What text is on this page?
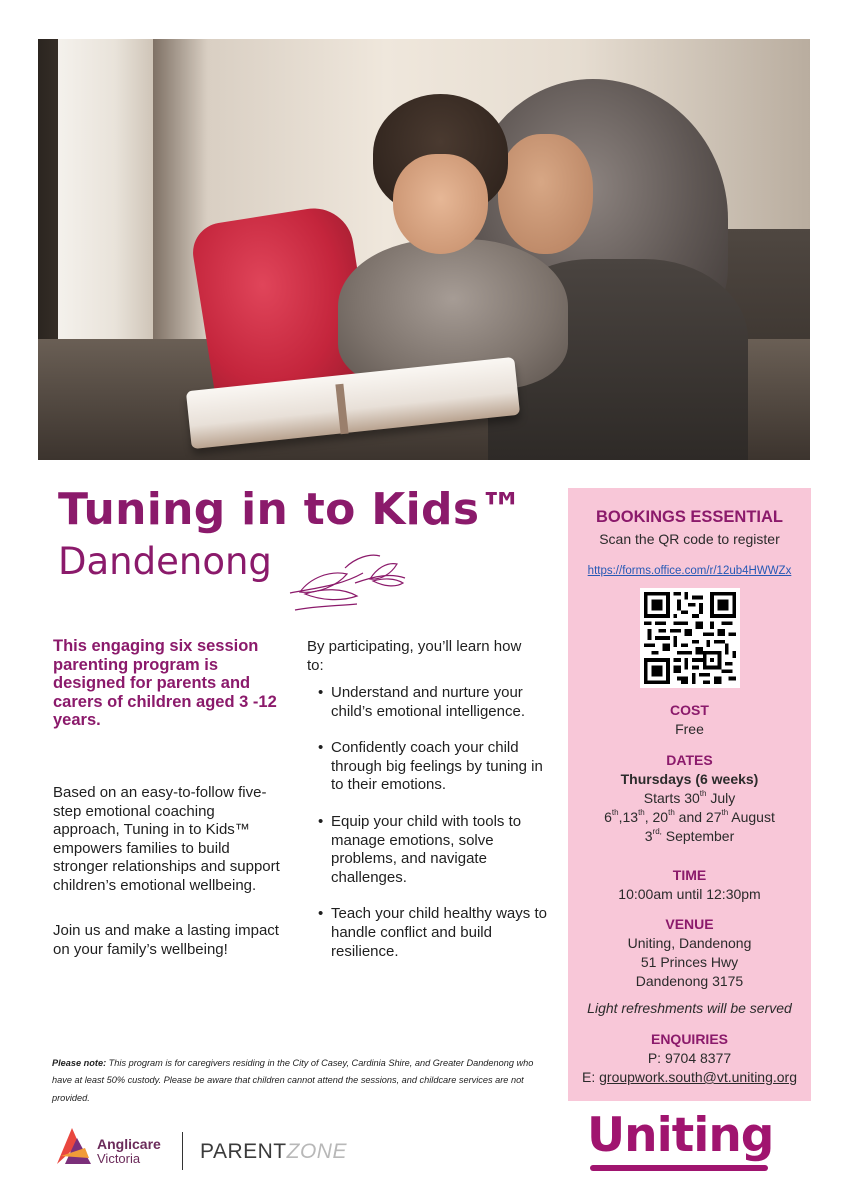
Tuning in to Kids™
Dandenong
This engaging six session parenting program is designed for parents and carers of children aged 3 -12 years.
Based on an easy-to-follow five-step emotional coaching approach, Tuning in to Kids™ empowers families to build stronger relationships and support children’s emotional wellbeing.
Join us and make a lasting impact on your family’s wellbeing!
By participating, you’ll learn how to:
• Understand and nurture your child’s emotional intelligence.
• Confidently coach your child through big feelings by tuning in to their emotions.
• Equip your child with tools to manage emotions, solve problems, and navigate challenges.
• Teach your child healthy ways to handle conflict and build resilience.
BOOKINGS ESSENTIAL
Scan the QR code to register
https://forms.office.com/r/12ub4HWWZx
COST
Free
DATES
Thursdays (6 weeks)
Starts 30th July
6th,13th, 20th and 27th August
$3^{rd,}$ September
TIME
10:00am until 12:30pm
VENUE
Uniting, Dandenong
51 Princes Hwy
Dandenong 3175
Light refreshments will be served
ENQUIRIES
P: 9704 8377
E: groupwork.south@vt.uniting.org
Please note: This program is for caregivers residing in the City of Casey, Cardinia Shire, and Greater Dandenong who have at least 50% custody. Please be aware that children cannot attend the sessions, and childcare services are not provided.
Anglicare
Victoria	PARENTZONE	Uniting
